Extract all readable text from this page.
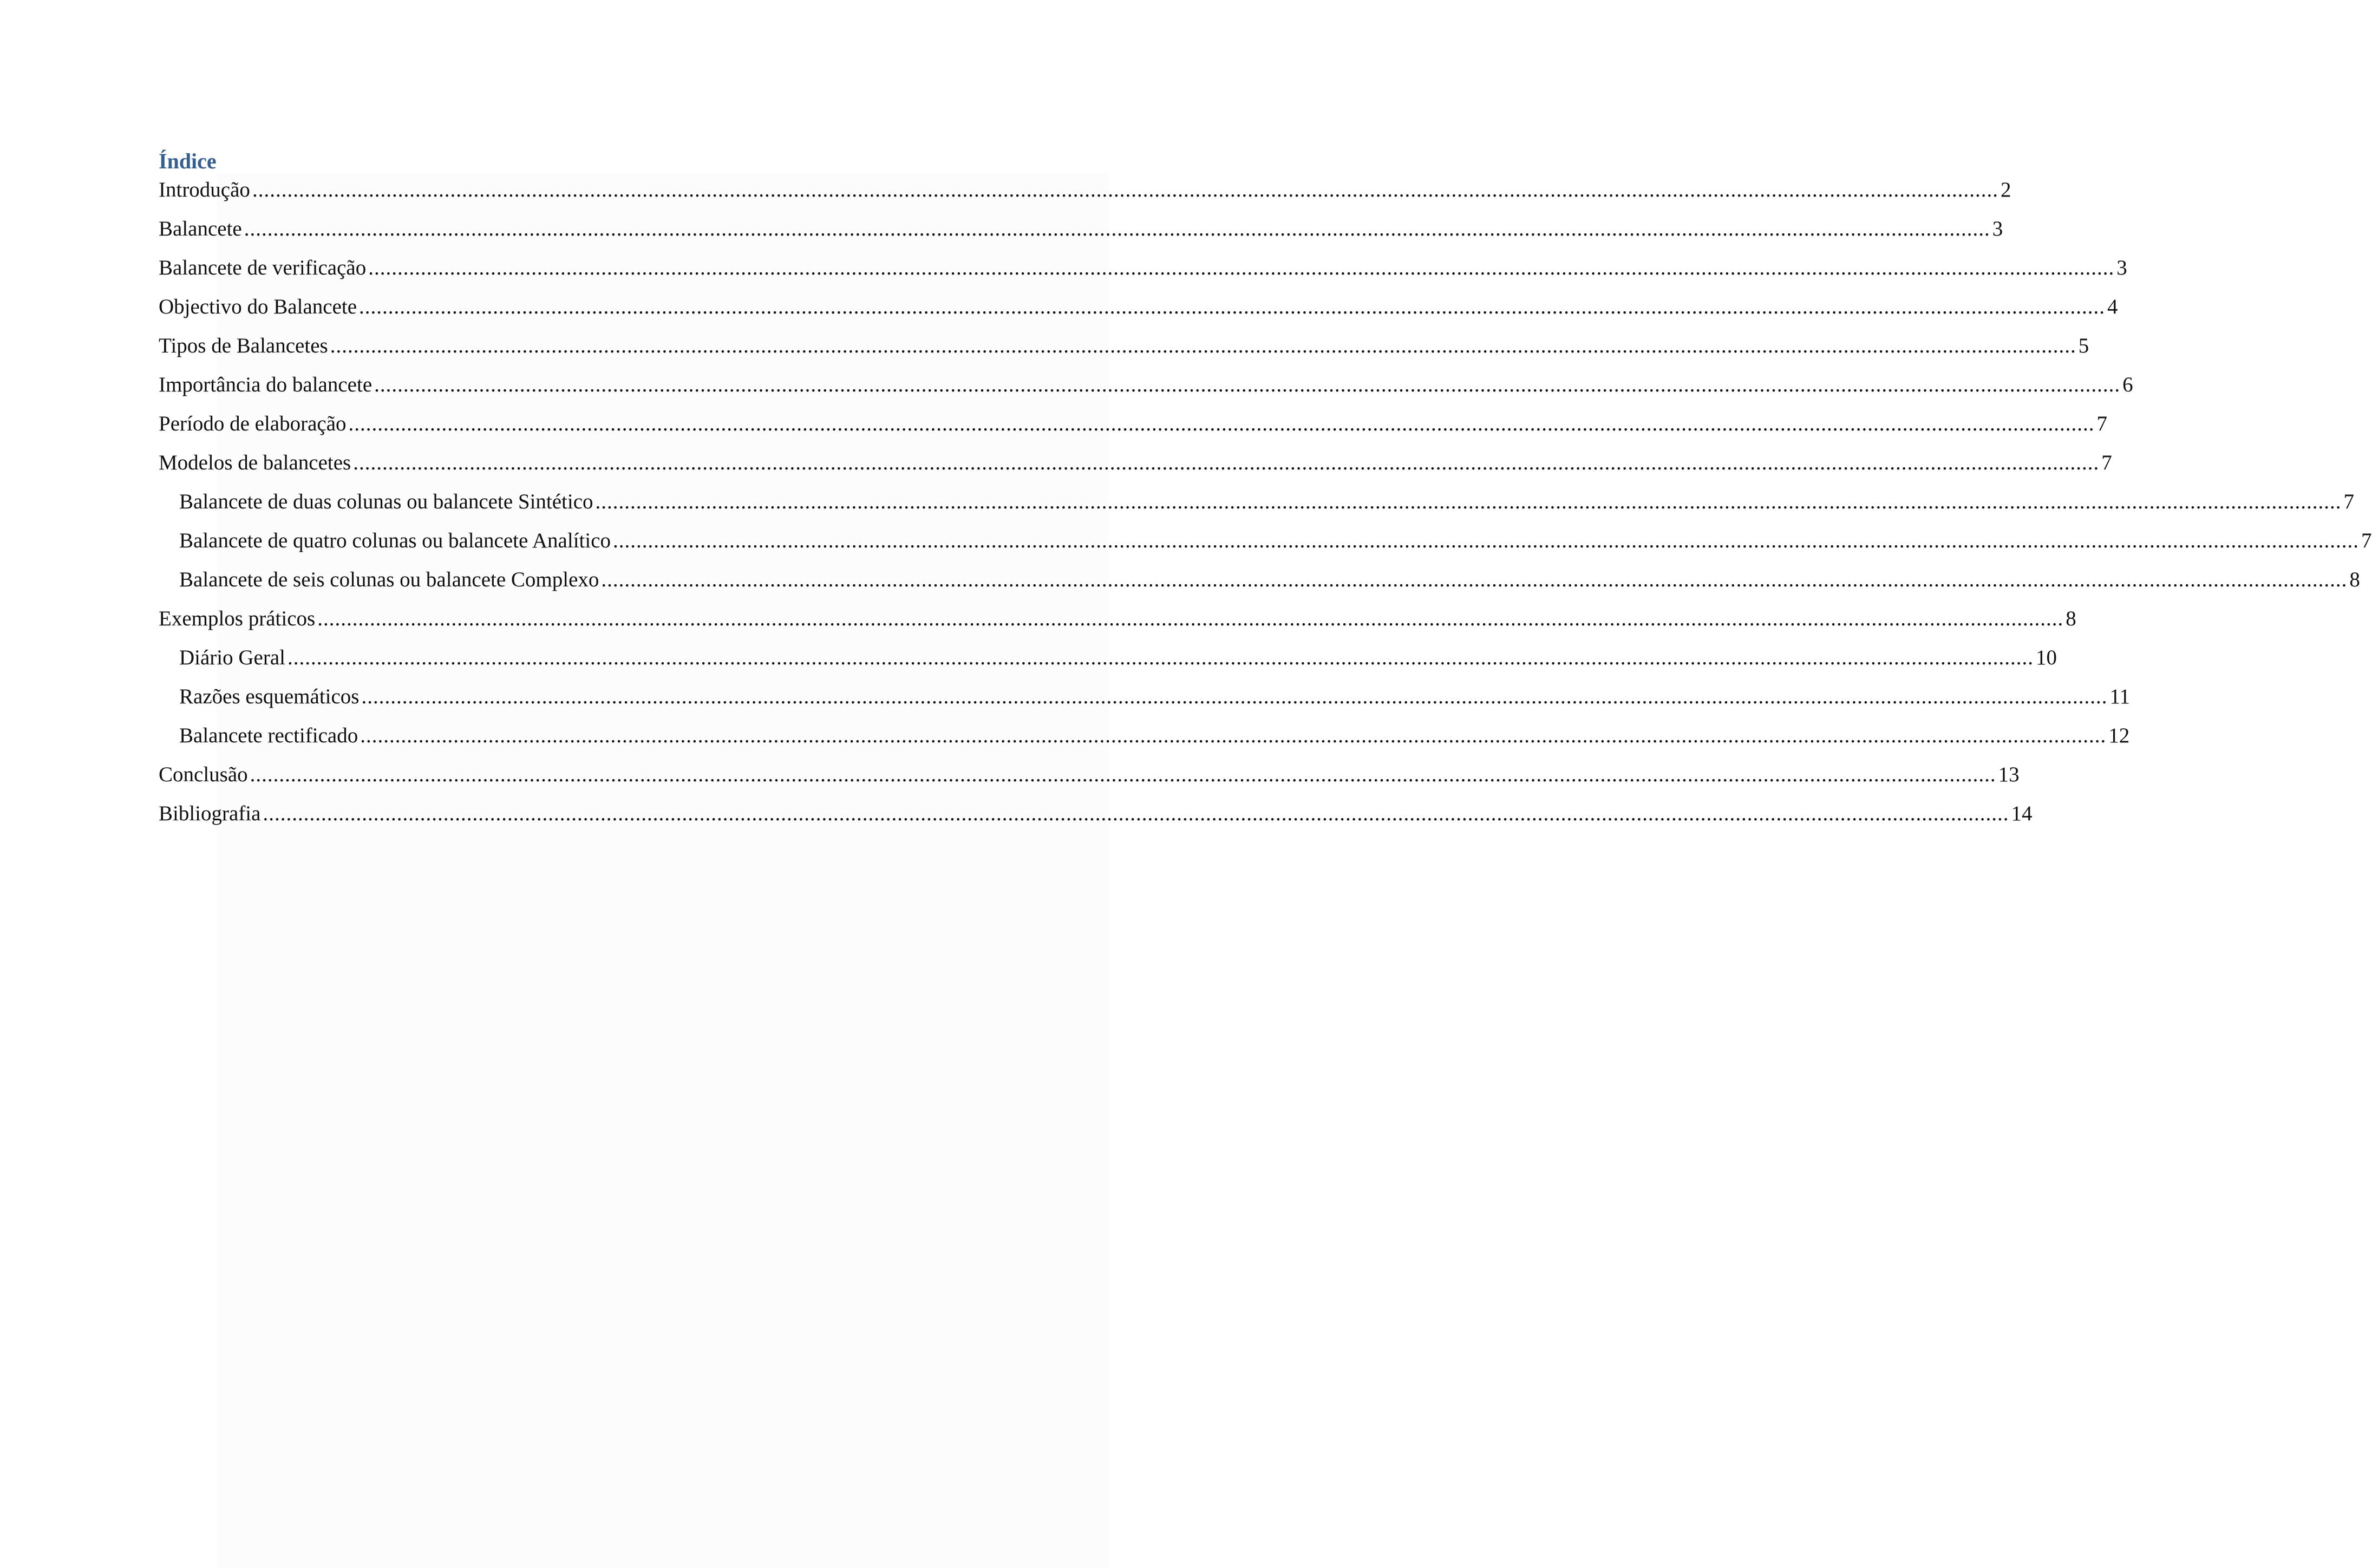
Índice
Introdução ............................................................................................................................................................................................................................................................................................................ 2
Balancete ............................................................................................................................................................................................................................................................................................................ 3
Balancete de verificação ............................................................................................................................................................................................................................................................................................................ 3
Objectivo do Balancete ............................................................................................................................................................................................................................................................................................................ 4
Tipos de Balancetes ............................................................................................................................................................................................................................................................................................................ 5
Importância do balancete ............................................................................................................................................................................................................................................................................................................ 6
Período de elaboração ............................................................................................................................................................................................................................................................................................................ 7
Modelos de balancetes ............................................................................................................................................................................................................................................................................................................ 7
Balancete de duas colunas ou balancete Sintético ............................................................................................................................................................................................................................................................................................................ 7
Balancete de quatro colunas ou balancete Analítico ............................................................................................................................................................................................................................................................................................................ 7
Balancete de seis colunas ou balancete Complexo ............................................................................................................................................................................................................................................................................................................ 8
Exemplos práticos ............................................................................................................................................................................................................................................................................................................ 8
Diário Geral ............................................................................................................................................................................................................................................................................................................ 10
Razões esquemáticos ............................................................................................................................................................................................................................................................................................................ 11
Balancete rectificado ............................................................................................................................................................................................................................................................................................................ 12
Conclusão ............................................................................................................................................................................................................................................................................................................ 13
Bibliografia ............................................................................................................................................................................................................................................................................................................ 14
